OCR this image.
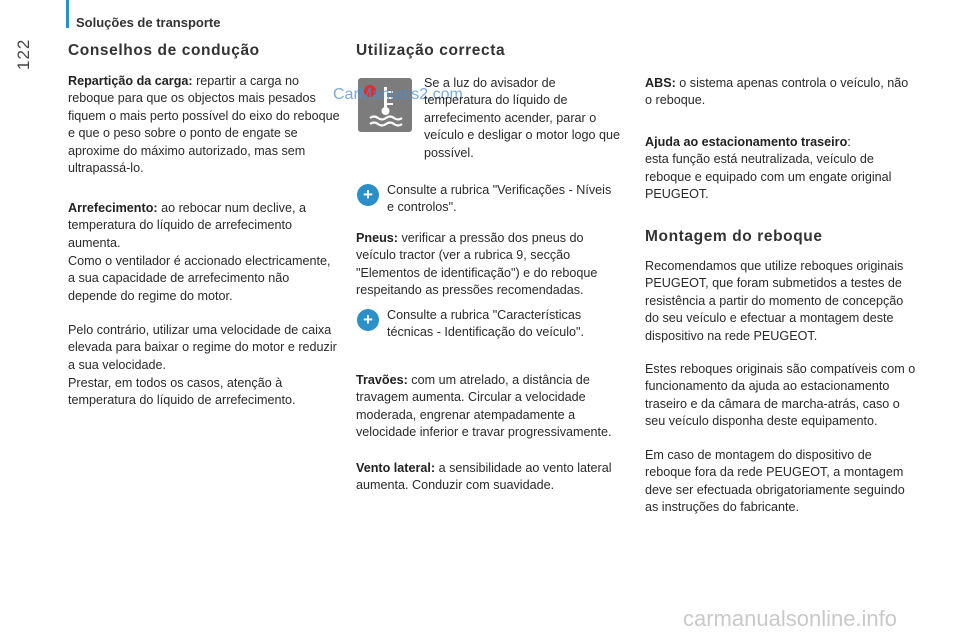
Soluções de transporte
122 Conselhos de condução

Repartição da carga: repartir a carga no reboque para que os objectos mais pesados fiquem o mais perto possível do eixo do reboque e que o peso sobre o ponto de engate se aproxime do máximo autorizado, mas sem ultrapassá-lo.

Arrefecimento: ao rebocar num declive, a temperatura do líquido de arrefecimento aumenta.

Como o ventilador é accionado electricamente, a sua capacidade de arrefecimento não depende do regime do motor.

Pelo contrário, utilizar uma velocidade de caixa elevada para baixar o regime do motor e reduzir a sua velocidade.

Prestar, em todos os casos, atenção à temperatura do líquido de arrefecimento.

Utilização correcta
CarManuals2.com

Se a luz do avisador de temperatura do líquido de arrefecimento acender, parar o veículo e desligar o motor logo que possível.

+	Consulte a rubrica "Verificações - Níveis e controlos".

Pneus: verificar a pressão dos pneus do veículo tractor (ver a rubrica 9, secção "Elementos de identificação") e do reboque respeitando as pressões recomendadas.

+	Consulte a rubrica "Características técnicas - Identificação do veículo".

Travões: com um atrelado, a distância de travagem aumenta. Circular a velocidade moderada, engrenar atempadamente a velocidade inferior e travar progressivamente.

Vento lateral: a sensibilidade ao vento lateral aumenta. Conduzir com suavidade.

ABS: o sistema apenas controla o veículo, não o reboque.

Ajuda ao estacionamento traseiro:
esta função está neutralizada, veículo de reboque e equipado com um engate original PEUGEOT.

Montagem do reboque

Recomendamos que utilize reboques originais PEUGEOT, que foram submetidos a testes de resistência a partir do momento de concepção do seu veículo e efectuar a montagem deste dispositivo na rede PEUGEOT.

Estes reboques originais são compatíveis com o funcionamento da ajuda ao estacionamento traseiro e da câmara de marcha-atrás, caso o seu veículo disponha deste equipamento.

Em caso de montagem do dispositivo de reboque fora da rede PEUGEOT, a montagem deve ser efectuada obrigatoriamente seguindo as instruções do fabricante.

carmanualsonline.info
